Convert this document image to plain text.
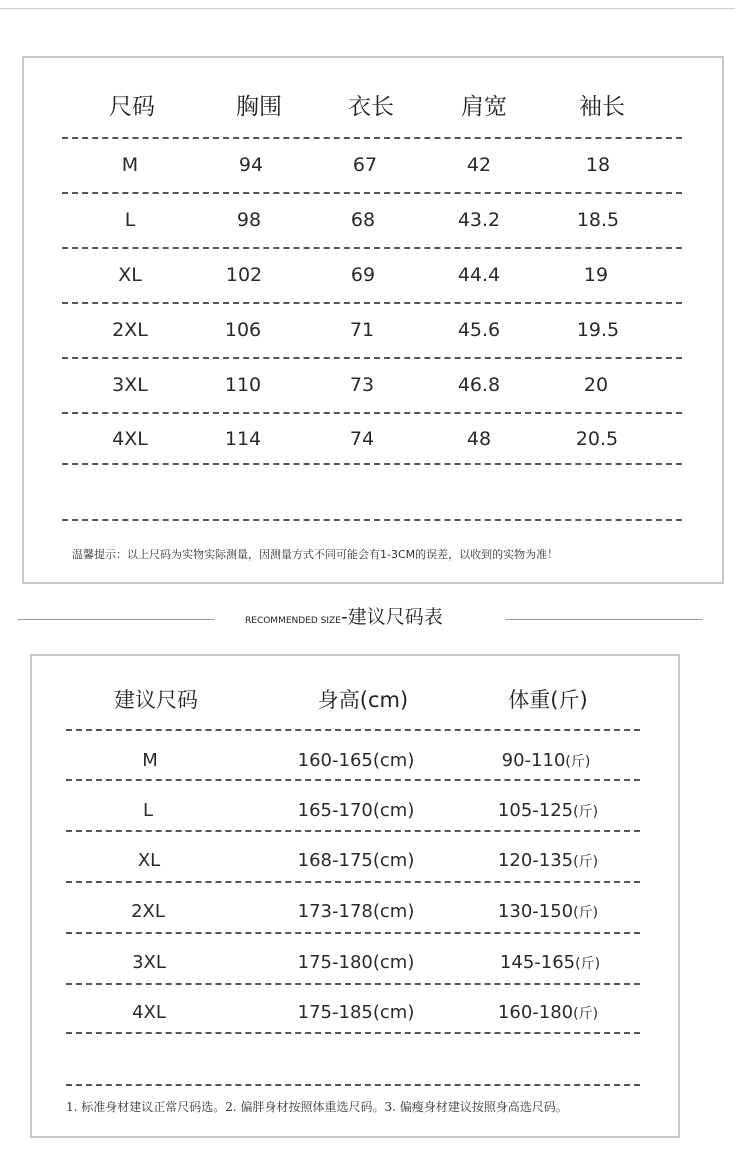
尺码	胸围	衣长	肩宽	袖长
M	94	67	42	18
L	98	68	43.2	18.5
XL	102	69	44.4	19
2XL	106	71	45.6	19.5
3XL	110	73	46.8	20
4XL	114	74	48	20.5
温馨提示：以上尺码为实物实际测量，因测量方式不同可能会有1-3CM的误差，以收到的实物为准！
RECOMMENDED SIZE-建议尺码表
建议尺码	身高(cm)	体重(斤)
M	160-165(cm)	90-110(斤)
L	165-170(cm)	105-125(斤)
XL	168-175(cm)	120-135(斤)
2XL	173-178(cm)	130-150(斤)
3XL	175-180(cm)	145-165(斤)
4XL	175-185(cm)	160-180(斤)
1. 标准身材建议正常尺码选。2. 偏胖身材按照体重选尺码。3. 偏瘦身材建议按照身高选尺码。
